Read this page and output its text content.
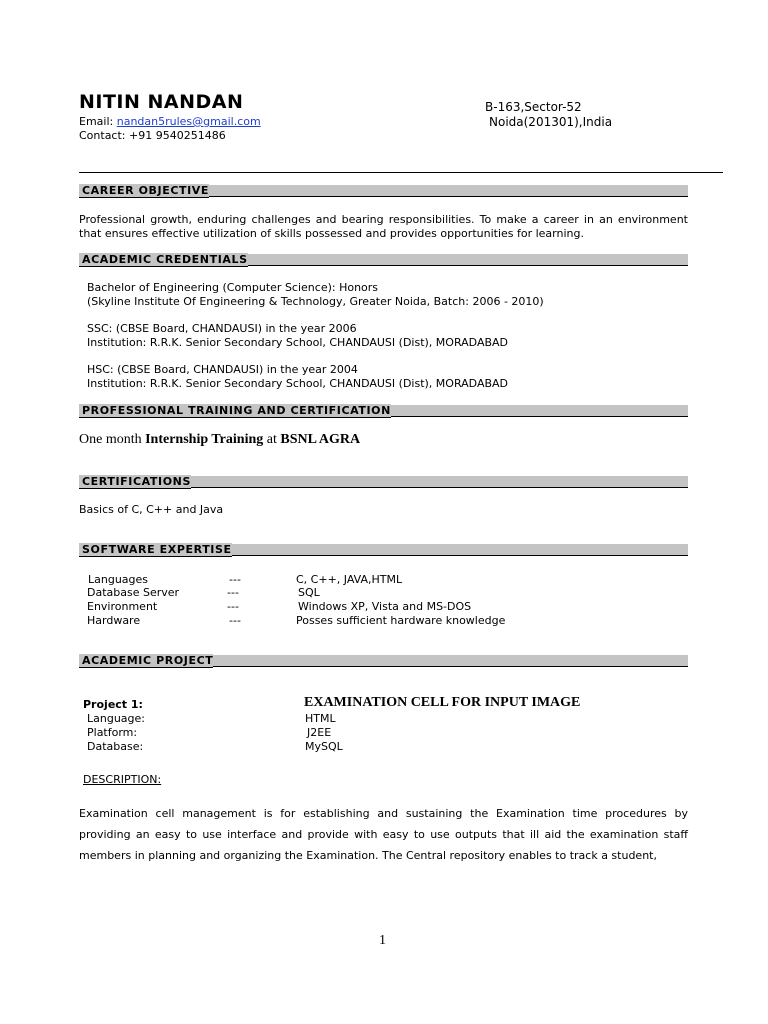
NITIN NANDAN
Email: nandan5rules@gmail.com
Contact: +91 9540251486
B-163,Sector-52
Noida(201301),India
CAREER OBJECTIVE
Professional growth, enduring challenges and bearing responsibilities. To make a career in an environment that ensures effective utilization of skills possessed and provides opportunities for learning.
ACADEMIC CREDENTIALS
Bachelor of Engineering (Computer Science): Honors
(Skyline Institute Of Engineering & Technology, Greater Noida, Batch: 2006 - 2010)
SSC: (CBSE Board, CHANDAUSI) in the year 2006
Institution: R.R.K. Senior Secondary School, CHANDAUSI (Dist), MORADABAD
HSC: (CBSE Board, CHANDAUSI) in the year 2004
Institution: R.R.K. Senior Secondary School, CHANDAUSI (Dist), MORADABAD
PROFESSIONAL TRAINING AND CERTIFICATION
One month Internship Training at BSNL AGRA
CERTIFICATIONS
Basics of C, C++ and Java
SOFTWARE EXPERTISE
Languages	---	C, C++, JAVA,HTML
Database Server	---	SQL
Environment	---	Windows XP, Vista and MS-DOS
Hardware	---	Posses sufficient hardware knowledge
ACADEMIC PROJECT
Project 1:	EXAMINATION CELL FOR INPUT IMAGE
Language:	HTML
Platform:	J2EE
Database:	MySQL
DESCRIPTION:
Examination cell management is for establishing and sustaining the Examination time procedures by providing an easy to use interface and provide with easy to use outputs that ill aid the examination staff members in planning and organizing the Examination. The Central repository enables to track a student,
1
